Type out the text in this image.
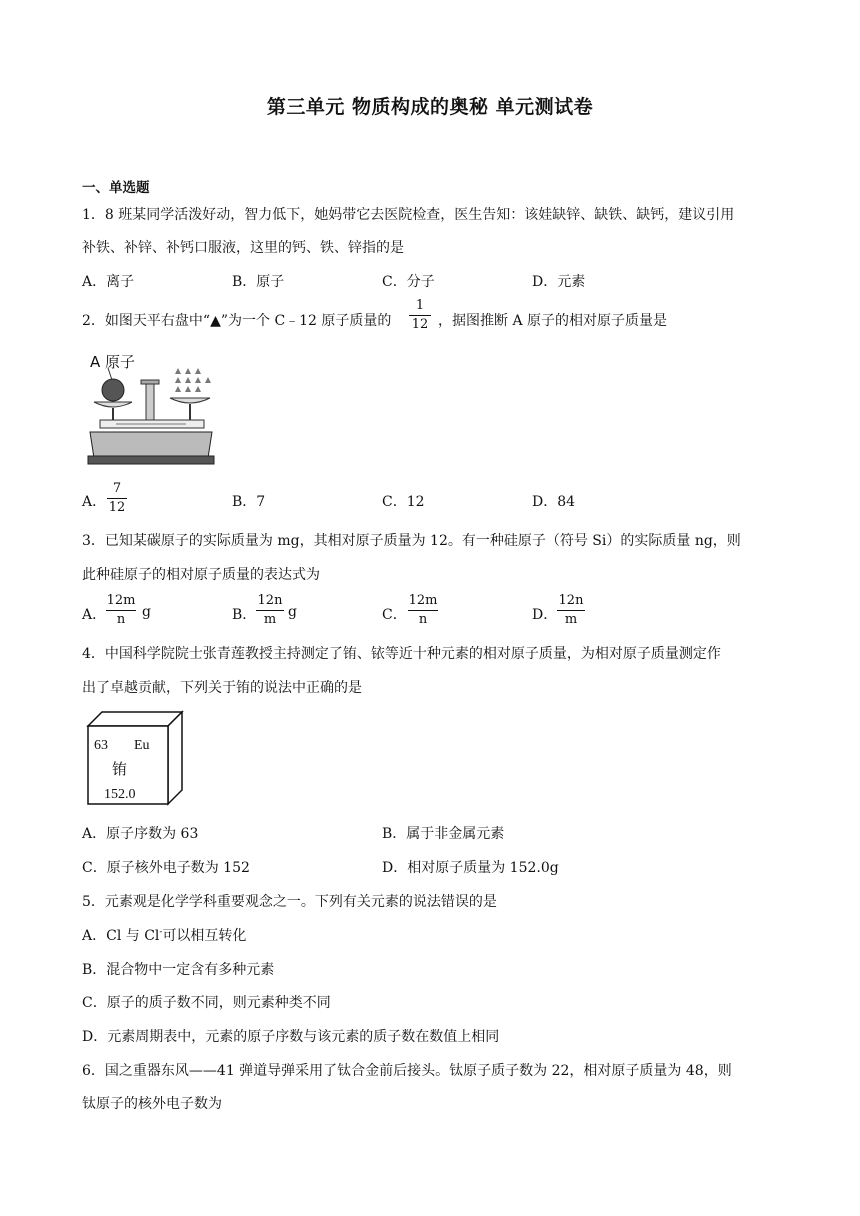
第三单元 物质构成的奥秘 单元测试卷
一、单选题
1．8 班某同学活泼好动，智力低下，她妈带它去医院检查，医生告知：该娃缺锌、缺铁、缺钙，建议引用
补铁、补锌、补钙口服液，这里的钙、铁、锌指的是
A．离子	B．原子	C．分子	D．元素
2．如图天平右盘中“▲”为一个 C﹣12 原子质量的
1
12 ，据图推断 A 原子的相对原子质量是
A 原子
A．
7
12	B．7	C．12	D．84
3．已知某碳原子的实际质量为 mg，其相对原子质量为 12。有一种硅原子（符号 Si）的实际质量 ng，则
此种硅原子的相对原子质量的表达式为
A．
12m
n	g	B．
12n
m g	C．
12m
n	D．
12n
m
4．中国科学院院士张青莲教授主持测定了铕、铱等近十种元素的相对原子质量，为相对原子质量测定作
出了卓越贡献，下列关于铕的说法中正确的是
63 Eu
铕
152.0
A．原子序数为 63	B．属于非金属元素
C．原子核外电子数为 152	D．相对原子质量为 152.0g
5．元素观是化学学科重要观念之一。下列有关元素的说法错误的是
A．Cl 与 Cl-可以相互转化
B．混合物中一定含有多种元素
C．原子的质子数不同，则元素种类不同
D．元素周期表中，元素的原子序数与该元素的质子数在数值上相同
6．国之重器东风——41 弹道导弹采用了钛合金前后接头。钛原子质子数为 22，相对原子质量为 48，则
钛原子的核外电子数为
